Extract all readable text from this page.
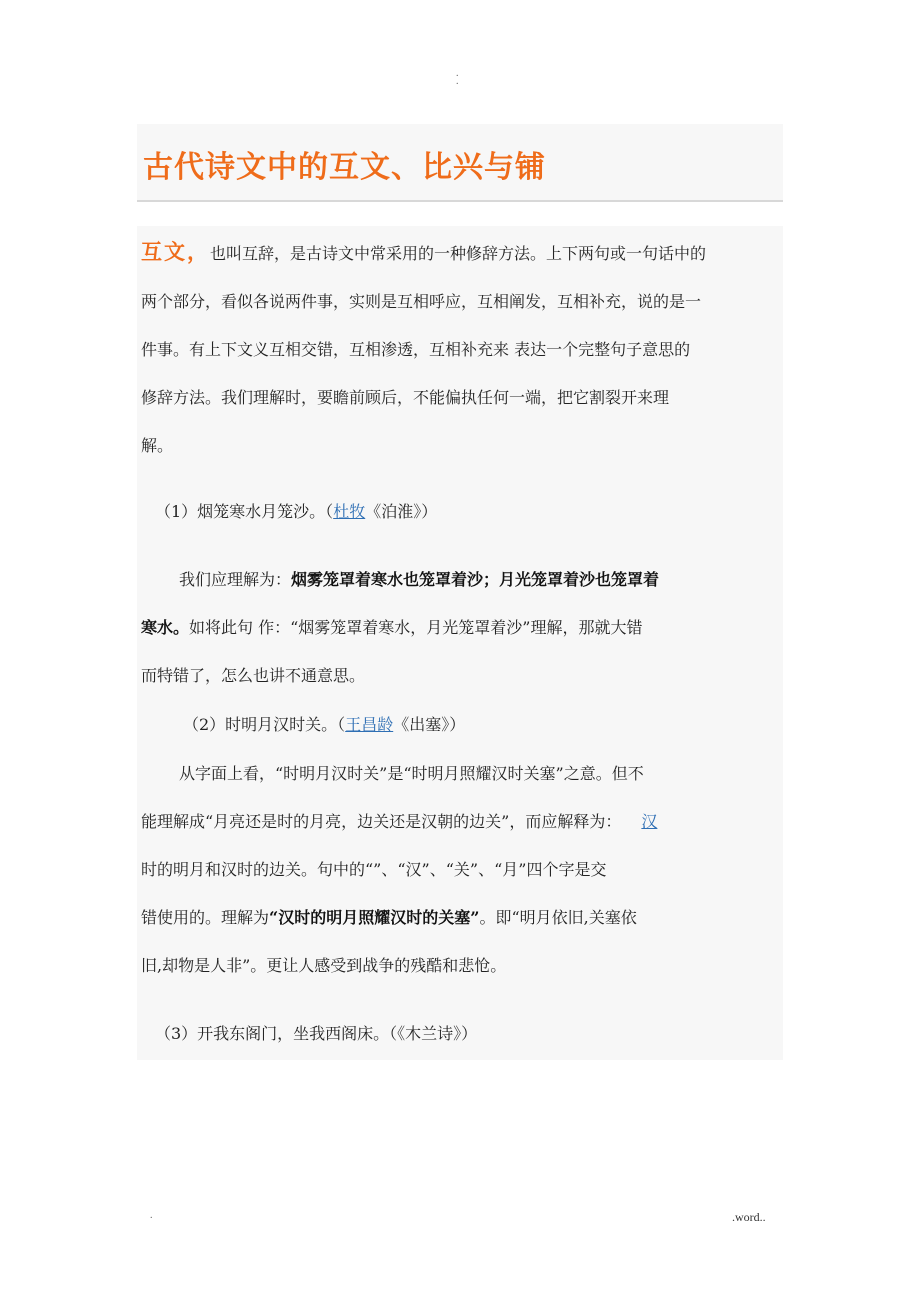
.
.
古代诗文中的互文、比兴与铺
互文，也叫互辞，是古诗文中常采用的一种修辞方法。上下两句或一句话中的
两个部分，看似各说两件事，实则是互相呼应，互相阐发，互相补充，说的是一
件事。有上下文义互相交错，互相渗透，互相补充来 表达一个完整句子意思的
修辞方法。我们理解时，要瞻前顾后，不能偏执任何一端，把它割裂开来理
解。
（1）烟笼寒水月笼沙。（杜牧《泊淮》）
我们应理解为：烟雾笼罩着寒水也笼罩着沙；月光笼罩着沙也笼罩着
寒水。如将此句 作：“烟雾笼罩着寒水，月光笼罩着沙”理解，那就大错
而特错了，怎么也讲不通意思。
（2）时明月汉时关。（王昌龄《出塞》）
从字面上看，“时明月汉时关”是“时明月照耀汉时关塞”之意。但不
能理解成“月亮还是时的月亮，边关还是汉朝的边关”，而应解释为： 汉
时的明月和汉时的边关。句中的“”、“汉”、“关”、“月”四个字是交
错使用的。理解为“汉时的明月照耀汉时的关塞”。即“明月依旧,关塞依
旧,却物是人非”。更让人感受到战争的残酷和悲怆。
（3）开我东阁门，坐我西阁床。（《木兰诗》）
.	.word..
